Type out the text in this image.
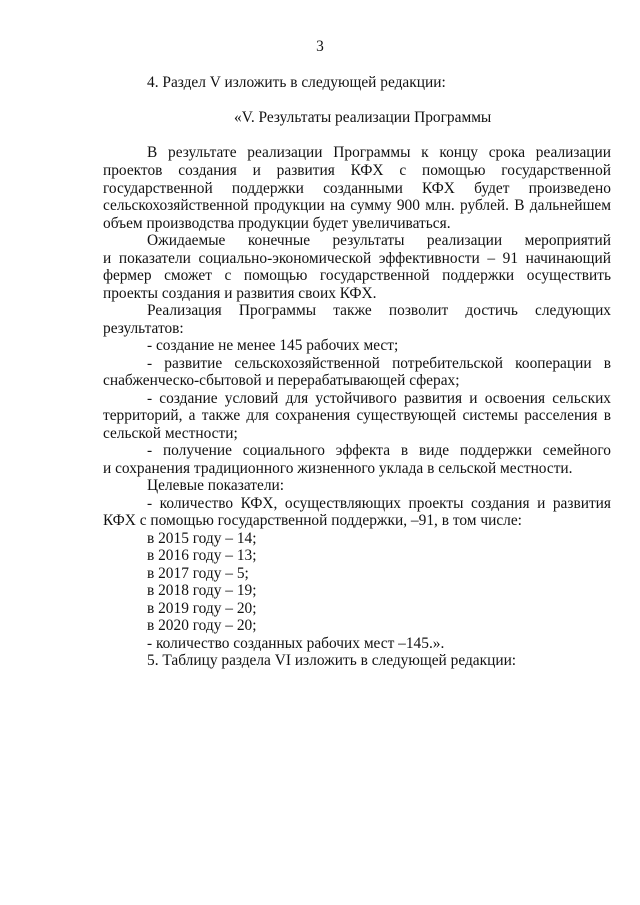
3
4. Раздел V изложить в следующей редакции:
«V. Результаты реализации Программы
В результате реализации Программы к концу срока реализации
проектов создания и развития КФХ с помощью государственной
государственной поддержки созданными КФХ будет произведено
сельскохозяйственной продукции на сумму 900 млн. рублей. В дальнейшем
объем производства продукции будет увеличиваться.
Ожидаемые конечные результаты реализации мероприятий
и показатели социально-экономической эффективности – 91 начинающий
фермер сможет с помощью государственной поддержки осуществить
проекты создания и развития своих КФХ.
Реализация Программы также позволит достичь следующих
результатов:
- создание не менее 145 рабочих мест;
- развитие сельскохозяйственной потребительской кооперации в
снабженческо-сбытовой и перерабатывающей сферах;
- создание условий для устойчивого развития и освоения сельских
территорий, а также для сохранения существующей системы расселения в
сельской местности;
- получение социального эффекта в виде поддержки семейного
и сохранения традиционного жизненного уклада в сельской местности.
Целевые показатели:
- количество КФХ, осуществляющих проекты создания и развития
КФХ с помощью государственной поддержки, –91, в том числе:
в 2015 году – 14;
в 2016 году – 13;
в 2017 году – 5;
в 2018 году – 19;
в 2019 году – 20;
в 2020 году – 20;
- количество созданных рабочих мест –145.».
5. Таблицу раздела VI изложить в следующей редакции:
